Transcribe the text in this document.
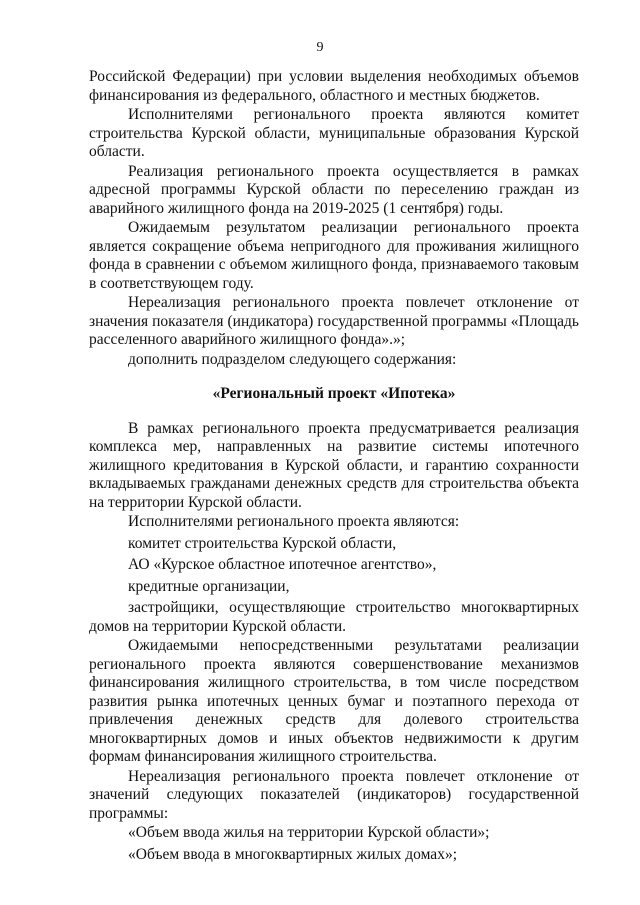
9

Российской Федерации) при условии выделения необходимых объемов финансирования из федерального, областного и местных бюджетов.

Исполнителями регионального проекта являются комитет строительства Курской области, муниципальные образования Курской области.

Реализация регионального проекта осуществляется в рамках адресной программы Курской области по переселению граждан из аварийного жилищного фонда на 2019-2025 (1 сентября) годы.

Ожидаемым результатом реализации регионального проекта является сокращение объема непригодного для проживания жилищного фонда в сравнении с объемом жилищного фонда, признаваемого таковым в соответствующем году.

Нереализация регионального проекта повлечет отклонение от значения показателя (индикатора) государственной программы «Площадь расселенного аварийного жилищного фонда».»;

дополнить подразделом следующего содержания:

«Региональный проект «Ипотека»

В рамках регионального проекта предусматривается реализация комплекса мер, направленных на развитие системы ипотечного жилищного кредитования в Курской области, и гарантию сохранности вкладываемых гражданами денежных средств для строительства объекта на территории Курской области.

Исполнителями регионального проекта являются:

комитет строительства Курской области,

АО «Курское областное ипотечное агентство»,

кредитные организации,

застройщики, осуществляющие строительство многоквартирных домов на территории Курской области.

Ожидаемыми непосредственными результатами реализации регионального проекта являются совершенствование механизмов финансирования жилищного строительства, в том числе посредством развития рынка ипотечных ценных бумаг и поэтапного перехода от привлечения денежных средств для долевого строительства многоквартирных домов и иных объектов недвижимости к другим формам финансирования жилищного строительства.

Нереализация регионального проекта повлечет отклонение от значений следующих показателей (индикаторов) государственной программы:

«Объем ввода жилья на территории Курской области»;

«Объем ввода в многоквартирных жилых домах»;
